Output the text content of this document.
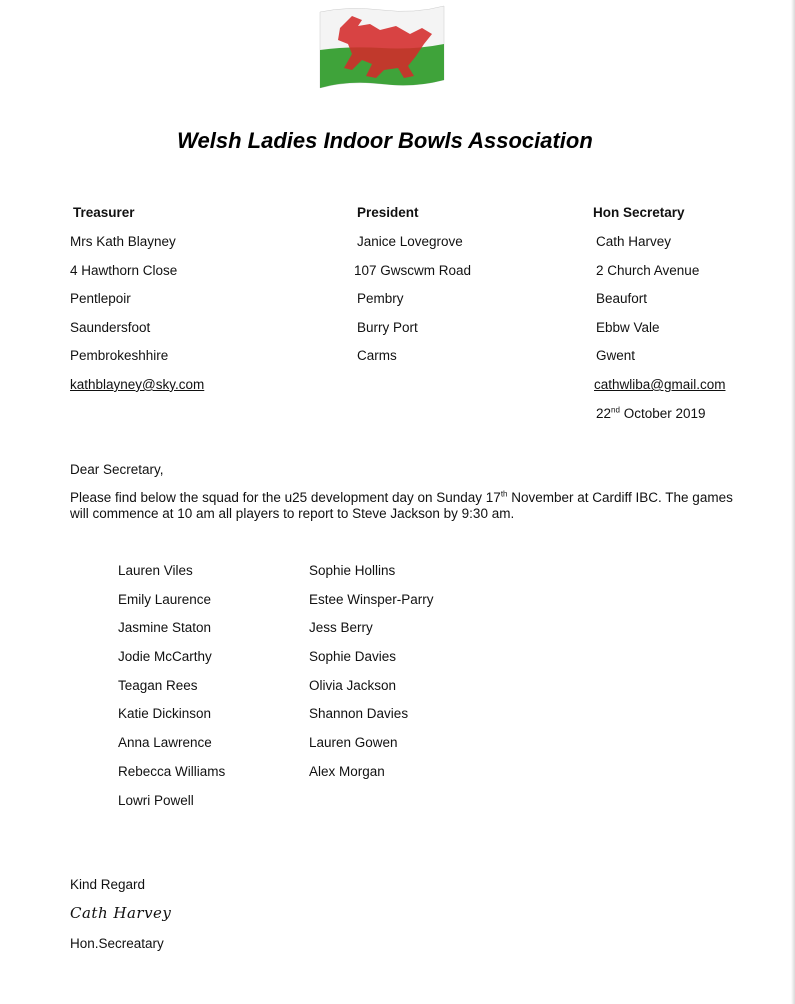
Welsh Ladies Indoor Bowls Association
Treasurer
Mrs Kath Blayney
4 Hawthorn Close
Pentlepoir
Saundersfoot
Pembrokeshhire
kathblayney@sky.com
President
Janice Lovegrove
107 Gwscwm Road
Pembry
Burry Port
Carms
Hon Secretary
Cath Harvey
2 Church Avenue
Beaufort
Ebbw Vale
Gwent
cathwliba@gmail.com
22nd October 2019
Dear Secretary,
Please find below the squad for the u25 development day on Sunday 17th November at Cardiff IBC. The games will commence at 10 am all players to report to Steve Jackson by 9:30 am.
Lauren Viles
Emily Laurence
Jasmine Staton
Jodie McCarthy
Teagan Rees
Katie Dickinson
Anna Lawrence
Rebecca Williams
Lowri Powell
Sophie Hollins
Estee Winsper-Parry
Jess Berry
Sophie Davies
Olivia Jackson
Shannon Davies
Lauren Gowen
Alex Morgan
Kind Regard
Cath Harvey
Hon.Secreatary
